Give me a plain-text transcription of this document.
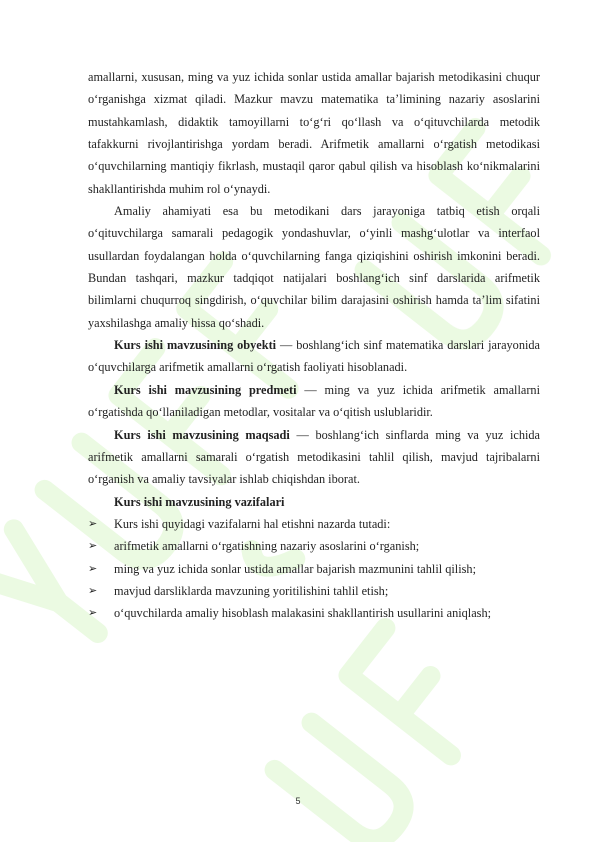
amallarni, xususan, ming va yuz ichida sonlar ustida amallar bajarish metodikasini chuqur o‘rganishga xizmat qiladi. Mazkur mavzu matematika ta’limining nazariy asoslarini mustahkamlash, didaktik tamoyillarni to‘g‘ri qo‘llash va o‘qituvchilarda metodik tafakkurni rivojlantirishga yordam beradi. Arifmetik amallarni o‘rgatish metodikasi o‘quvchilarning mantiqiy fikrlash, mustaqil qaror qabul qilish va hisoblash ko‘nikmalarini shakllantirishda muhim rol o‘ynaydi.

Amaliy ahamiyati esa bu metodikani dars jarayoniga tatbiq etish orqali o‘qituvchilarga samarali pedagogik yondashuvlar, o‘yinli mashg‘ulotlar va interfaol usullardan foydalangan holda o‘quvchilarning fanga qiziqishini oshirish imkonini beradi. Bundan tashqari, mazkur tadqiqot natijalari boshlang‘ich sinf darslarida arifmetik bilimlarni chuqurroq singdirish, o‘quvchilar bilim darajasini oshirish hamda ta’lim sifatini yaxshilashga amaliy hissa qo‘shadi.

Kurs ishi mavzusining obyekti — boshlang‘ich sinf matematika darslari jarayonida o‘quvchilarga arifmetik amallarni o‘rgatish faoliyati hisoblanadi.

Kurs ishi mavzusining predmeti — ming va yuz ichida arifmetik amallarni o‘rgatishda qo‘llaniladigan metodlar, vositalar va o‘qitish uslublaridir.

Kurs ishi mavzusining maqsadi — boshlang‘ich sinflarda ming va yuz ichida arifmetik amallarni samarali o‘rgatish metodikasini tahlil qilish, mavjud tajribalarni o‘rganish va amaliy tavsiyalar ishlab chiqishdan iborat.

Kurs ishi mavzusining vazifalari

➢ Kurs ishi quyidagi vazifalarni hal etishni nazarda tutadi:
➢ arifmetik amallarni o‘rgatishning nazariy asoslarini o‘rganish;
➢ ming va yuz ichida sonlar ustida amallar bajarish mazmunini tahlil qilish;
➢ mavjud darsliklarda mavzuning yoritilishini tahlil etish;
➢ o‘quvchilarda amaliy hisoblash malakasini shakllantirish usullarini aniqlash;
5
